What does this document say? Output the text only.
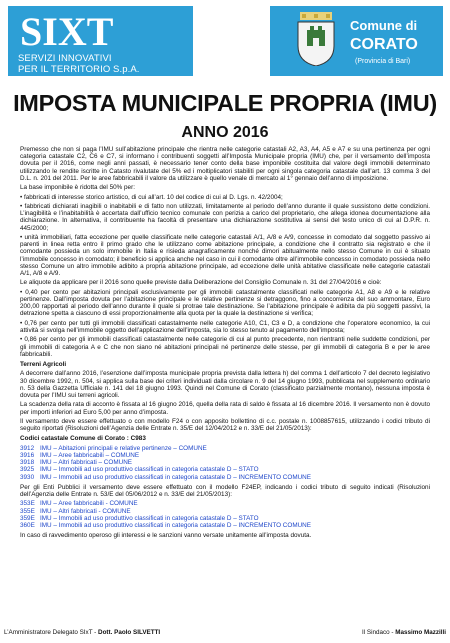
SIXT
SERVIZI INNOVATIVI
PER IL TERRITORIO S.p.A.
Comune di
CORATO
(Provincia di Bari)
IMPOSTA MUNICIPALE PROPRIA (IMU)
ANNO 2016

Premesso che non si paga l’IMU sull’abitazione principale che rientra nelle categorie catastali A2, A3, A4, A5 e A7 e su una pertinenza per ogni categoria catastale C2, C6 e C7, si informano i contribuenti soggetti all’Imposta Municipale propria (IMU) che, per il versamento dell’imposta dovuta per il 2016, come negli anni passati, è necessario tener conto della base imponibile costituita dal valore degli immobili determinato utilizzando le rendite iscritte in Catasto rivalutate del 5% ed i moltiplicatori stabiliti per ogni singola categoria catastale dall’art. 13 comma 3 del D.L. n. 201 del 2011. Per le aree fabbricabili il valore da utilizzare è quello venale di mercato al 1° gennaio dell’anno di imposizione.

La base imponibile è ridotta del 50% per:

• fabbricati di interesse storico artistico, di cui all’art. 10 del codice di cui al D. Lgs. n. 42/2004;

• fabbricati dichiarati inagibili o inabitabili e di fatto non utilizzati, limitatamente al periodo dell’anno durante il quale sussistono dette condizioni. L’inagibilità e l’inabitabilità è accertata dall’ufficio tecnico comunale con perizia a carico del proprietario, che allega idonea documentazione alla dichiarazione. In alternativa, il contribuente ha facoltà di presentare una dichiarazione sostitutiva ai sensi del testo unico di cui al D.P.R. n. 445/2000;

• unità immobiliari, fatta eccezione per quelle classificate nelle categorie catastali A/1, A/8 e A/9, concesse in comodato dal soggetto passivo ai parenti in linea retta entro il primo grado che le utilizzano come abitazione principale, a condizione che il contratto sia registrato e che il comodante possieda un solo immobile in Italia e risieda anagraficamente nonché dimori abitualmente nello stesso Comune in cui è situato l’immobile concesso in comodato; il beneficio si applica anche nel caso in cui il comodante oltre all’immobile concesso in comodato possieda nello stesso Comune un altro immobile adibito a propria abitazione principale, ad eccezione delle unità abitative classificate nelle categorie catastali A/1, A/8 e A/9.

Le aliquote da applicare per il 2016 sono quelle previste dalla Deliberazione del Consiglio Comunale n. 31 del 27/04/2016 e cioè:

• 0,40 per cento per abitazioni principali esclusivamente per gli immobili catastalmente classificati nelle categorie A1, A8 e A9 e le relative pertinenze. Dall’imposta dovuta per l’abitazione principale e le relative pertinenze si detraggono, fino a concorrenza del suo ammontare, Euro 200,00 rapportati al periodo dell’anno durante il quale si protrae tale destinazione. Se l’abitazione principale è adibita da più soggetti passivi, la detrazione spetta a ciascuno di essi proporzionalmente alla quota per la quale la destinazione si verifica;

• 0,76 per cento per tutti gli immobili classificati catastalmente nelle categorie A10, C1, C3 e D, a condizione che l’operatore economico, la cui attività si svolga nell’immobile oggetto dell’applicazione dell’imposta, sia lo stesso tenuto al pagamento dell’imposta;

• 0,86 per cento per gli immobili classificati catastalmente nelle categorie di cui al punto precedente, non rientranti nelle suddette condizioni, per gli immobili di categoria A e C che non siano né abitazioni principali né pertinenze delle stesse, per gli immobili di categoria B e per le aree fabbricabili.

Terreni Agricoli

A decorrere dall’anno 2016, l’esenzione dall’imposta municipale propria prevista dalla lettera h) del comma 1 dell’articolo 7 del decreto legislativo 30 dicembre 1992, n. 504, si applica sulla base dei criteri individuati dalla circolare n. 9 del 14 giugno 1993, pubblicata nel supplemento ordinario n. 53 della Gazzetta Ufficiale n. 141 del 18 giugno 1993. Quindi nel Comune di Corato (classificato parzialmente montano), nessuna imposta è dovuta per l’IMU sui terreni agricoli.

La scadenza della rata di acconto è fissata al 16 giugno 2016, quella della rata di saldo è fissata al 16 dicembre 2016. Il versamento non è dovuto per importi inferiori ad Euro 5,00 per anno d’imposta.

Il versamento deve essere effettuato o con modello F24 o con apposito bollettino di c.c. postale n. 1008857615, utilizzando i codici tributo di seguito riportati (Risoluzioni dell’Agenzia delle Entrate n. 35/E del 12/04/2012 e n. 33/E del 21/05/2013):

Codici catastale Comune di Corato : C983

3912 IMU – Abitazioni principali e relative pertinenze – COMUNE
3916 IMU – Aree fabbricabili – COMUNE
3918 IMU – Altri fabbricati – COMUNE
3925 IMU – Immobili ad uso produttivo classificati in categoria catastale D – STATO
3930 IMU – Immobili ad uso produttivo classificati in categoria catastale D – INCREMENTO COMUNE

Per gli Enti Pubblici il versamento deve essere effettuato con il modello F24EP, indicando i codici tributo di seguito indicati (Risoluzioni dell’Agenzia delle Entrate n. 53/E del 05/06/2012 e n. 33/E del 21/05/2013):

353E IMU – Aree fabbricabili - COMUNE
355E IMU – Altri fabbricati - COMUNE
359E IMU – Immobili ad uso produttivo classificati in categoria catastale D – STATO
360E IMU – Immobili ad uso produttivo classificati in categoria catastale D – INCREMENTO COMUNE

In caso di ravvedimento operoso gli interessi e le sanzioni vanno versate unitamente all’imposta dovuta.

L’Amministratore Delegato SIxT - Dott. Paolo SILVETTI	Il Sindaco - Massimo Mazzilli
